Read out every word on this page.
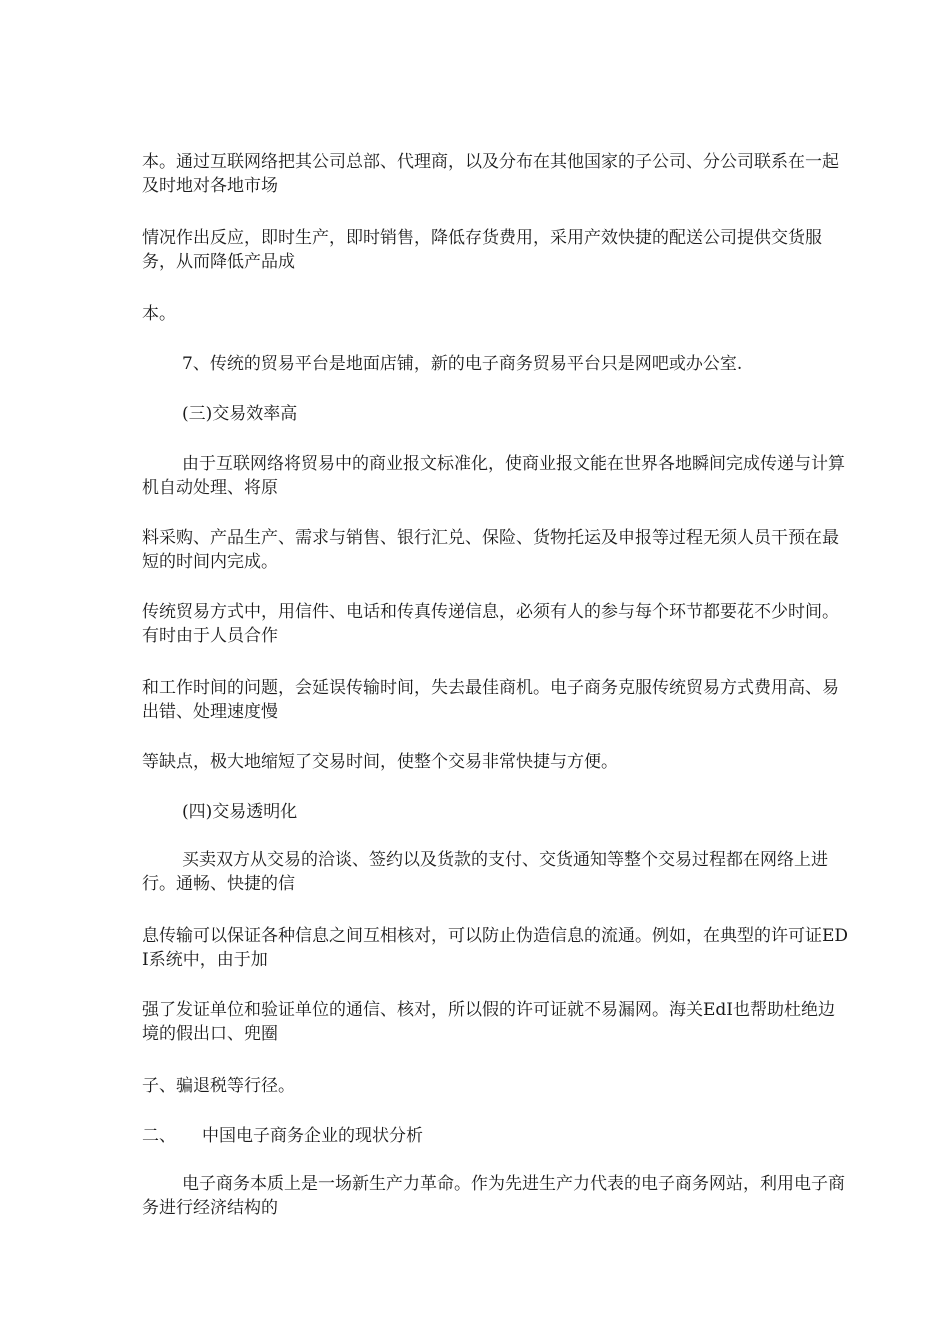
本。通过互联网络把其公司总部、代理商，以及分布在其他国家的子公司、分公司联系在一起及时地对各地市场

情况作出反应，即时生产，即时销售，降低存货费用，采用产效快捷的配送公司提供交货服务，从而降低产品成

本。

7、传统的贸易平台是地面店铺，新的电子商务贸易平台只是网吧或办公室.

(三)交易效率高

由于互联网络将贸易中的商业报文标准化，使商业报文能在世界各地瞬间完成传递与计算机自动处理、将原

料采购、产品生产、需求与销售、银行汇兑、保险、货物托运及申报等过程无须人员干预在最短的时间内完成。

传统贸易方式中，用信件、电话和传真传递信息，必须有人的参与每个环节都要花不少时间。有时由于人员合作

和工作时间的问题，会延误传输时间，失去最佳商机。电子商务克服传统贸易方式费用高、易出错、处理速度慢

等缺点，极大地缩短了交易时间，使整个交易非常快捷与方便。

(四)交易透明化

买卖双方从交易的洽谈、签约以及货款的支付、交货通知等整个交易过程都在网络上进行。通畅、快捷的信

息传输可以保证各种信息之间互相核对，可以防止伪造信息的流通。例如，在典型的许可证EDI系统中，由于加

强了发证单位和验证单位的通信、核对，所以假的许可证就不易漏网。海关EdI也帮助杜绝边境的假出口、兜圈

子、骗退税等行径。

二、 中国电子商务企业的现状分析

电子商务本质上是一场新生产力革命。作为先进生产力代表的电子商务网站，利用电子商务进行经济结构的
